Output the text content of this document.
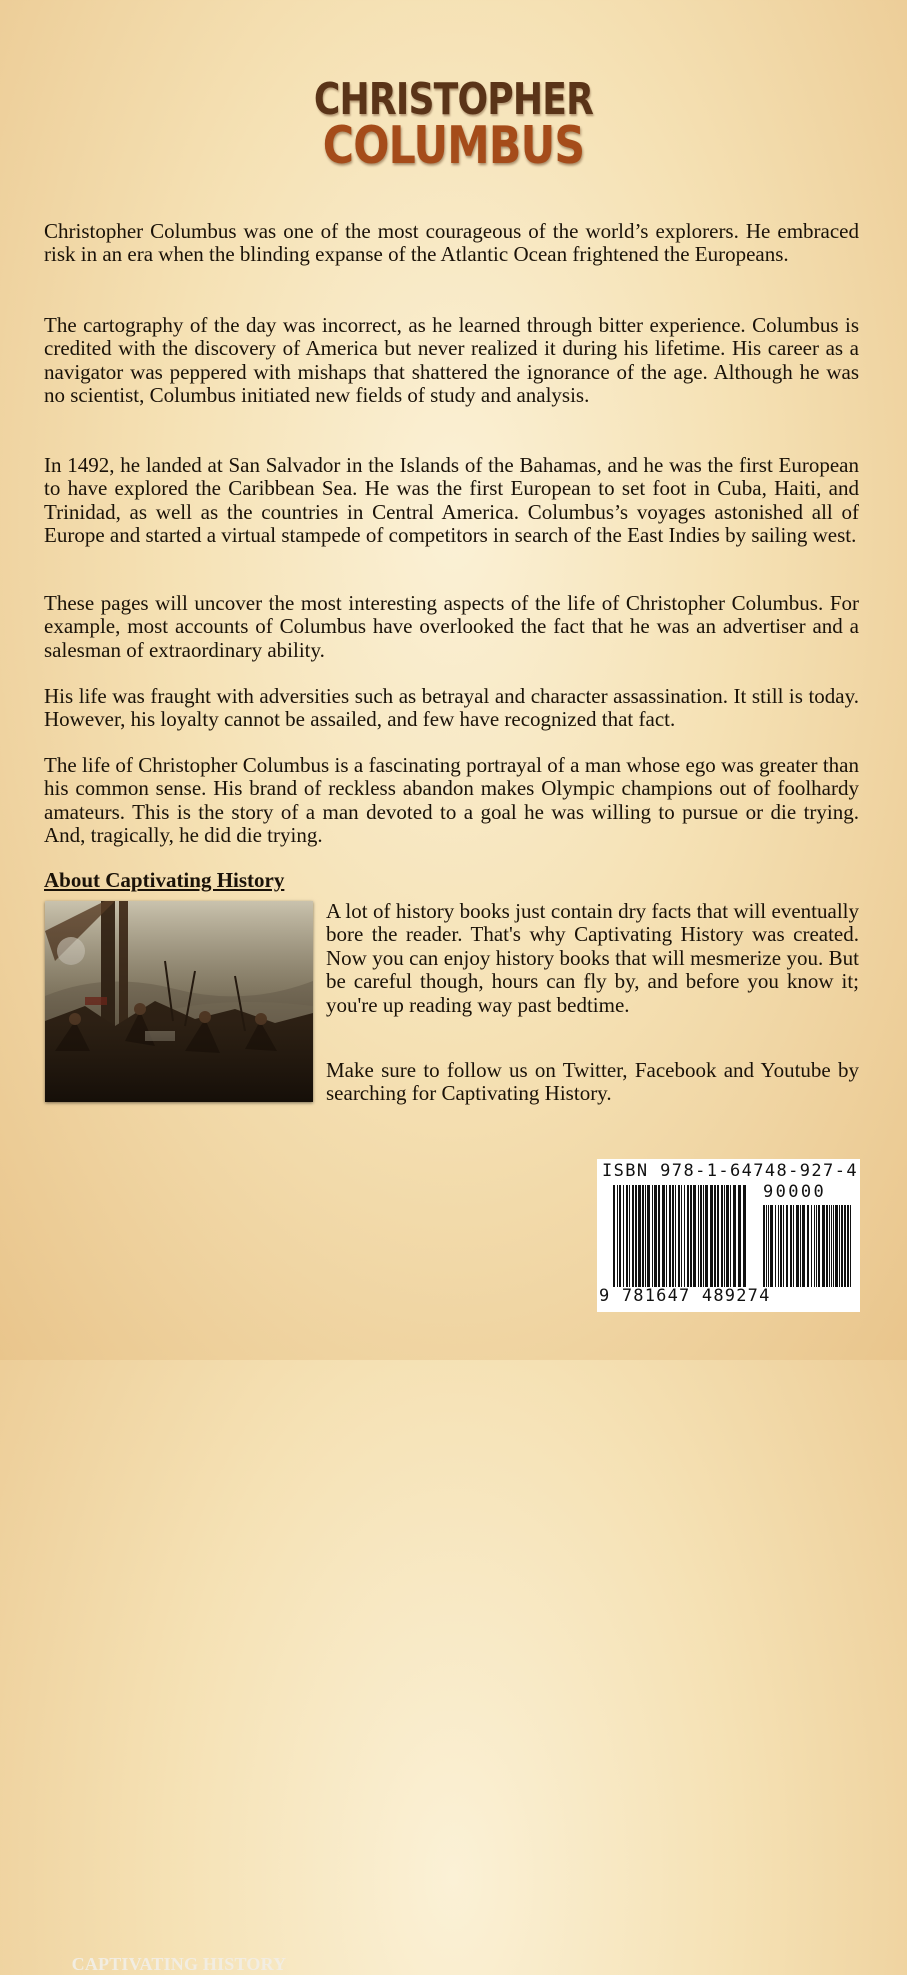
CHRISTOPHER
COLUMBUS

Christopher Columbus was one of the most courageous of the world’s explorers. He embraced risk in an era when the blinding expanse of the Atlantic Ocean frightened the Europeans.

The cartography of the day was incorrect, as he learned through bitter experience. Columbus is credited with the discovery of America but never realized it during his lifetime. His career as a navigator was peppered with mishaps that shattered the ignorance of the age. Although he was no scientist, Columbus initiated new fields of study and analysis.

In 1492, he landed at San Salvador in the Islands of the Bahamas, and he was the first European to have explored the Caribbean Sea. He was the first European to set foot in Cuba, Haiti, and Trinidad, as well as the countries in Central America. Columbus’s voyages astonished all of Europe and started a virtual stampede of competitors in search of the East Indies by sailing west.

These pages will uncover the most interesting aspects of the life of Christopher Columbus. For example, most accounts of Columbus have overlooked the fact that he was an advertiser and a salesman of extraordinary ability.

His life was fraught with adversities such as betrayal and character assassination. It still is today. However, his loyalty cannot be assailed, and few have recognized that fact.

The life of Christopher Columbus is a fascinating portrayal of a man whose ego was greater than his common sense. His brand of reckless abandon makes Olympic champions out of foolhardy amateurs. This is the story of a man devoted to a goal he was willing to pursue or die trying. And, tragically, he did die trying.

About Captivating History
CAPTIVATING HISTORY

A lot of history books just contain dry facts that will eventually bore the reader. That's why Captivating History was created. Now you can enjoy history books that will mesmerize you. But be careful though, hours can fly by, and before you know it; you're up reading way past bedtime.

Make sure to follow us on Twitter, Facebook and Youtube by searching for Captivating History.

ISBN 978-1-64748-927-4
90000
9 781647 489274
